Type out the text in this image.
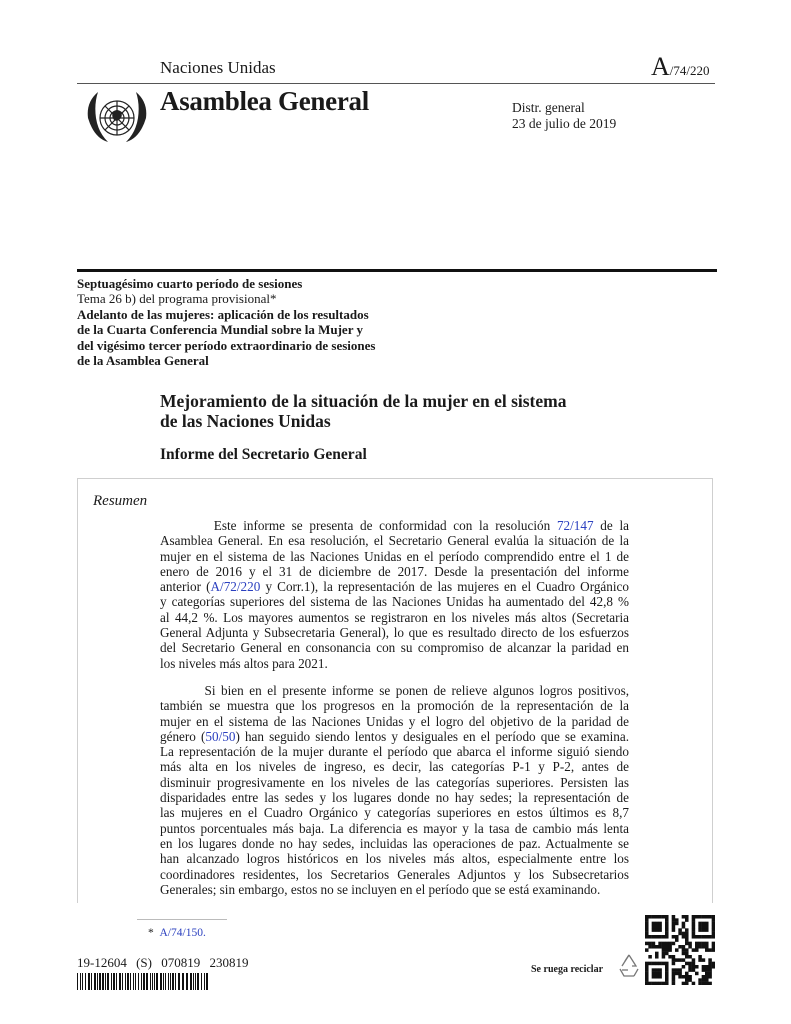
Naciones Unidas	A/74/220
Asamblea General	Distr. general
23 de julio de 2019
Septuagésimo cuarto período de sesiones
Tema 26 b) del programa provisional*
Adelanto de las mujeres: aplicación de los resultados
de la Cuarta Conferencia Mundial sobre la Mujer y
del vigésimo tercer período extraordinario de sesiones
de la Asamblea General
Mejoramiento de la situación de la mujer en el sistema
de las Naciones Unidas
Informe del Secretario General
Resumen
Este informe se presenta de conformidad con la resolución 72/147 de la
Asamblea General. En esa resolución, el Secretario General evalúa la situación de la
mujer en el sistema de las Naciones Unidas en el período comprendido entre el 1 de
enero de 2016 y el 31 de diciembre de 2017. Desde la presentación del informe
anterior (A/72/220 y Corr.1), la representación de las mujeres en el Cuadro Orgánico
y categorías superiores del sistema de las Naciones Unidas ha aumentado del 42,8 %
al 44,2 %. Los mayores aumentos se registraron en los niveles más altos (Secretaria
General Adjunta y Subsecretaria General), lo que es resultado directo de los esfuerzos
del Secretario General en consonancia con su compromiso de alcanzar la paridad en
los niveles más altos para 2021.
Si bien en el presente informe se ponen de relieve algunos logros positivos,
también se muestra que los progresos en la promoción de la representación de la
mujer en el sistema de las Naciones Unidas y el logro del objetivo de la paridad de
género (50/50) han seguido siendo lentos y desiguales en el período que se examina.
La representación de la mujer durante el período que abarca el informe siguió siendo
más alta en los niveles de ingreso, es decir, las categorías P-1 y P-2, antes de
disminuir progresivamente en los niveles de las categorías superiores. Persisten las
disparidades entre las sedes y los lugares donde no hay sedes; la representación de
las mujeres en el Cuadro Orgánico y categorías superiores en estos últimos es 8,7
puntos porcentuales más baja. La diferencia es mayor y la tasa de cambio más lenta
en los lugares donde no hay sedes, incluidas las operaciones de paz. Actualmente se
han alcanzado logros históricos en los niveles más altos, especialmente entre los
coordinadores residentes, los Secretarios Generales Adjuntos y los Subsecretarios
Generales; sin embargo, estos no se incluyen en el período que se está examinando.
* A/74/150.
19-12604 (S) 070819 230819	Se ruega reciclar
